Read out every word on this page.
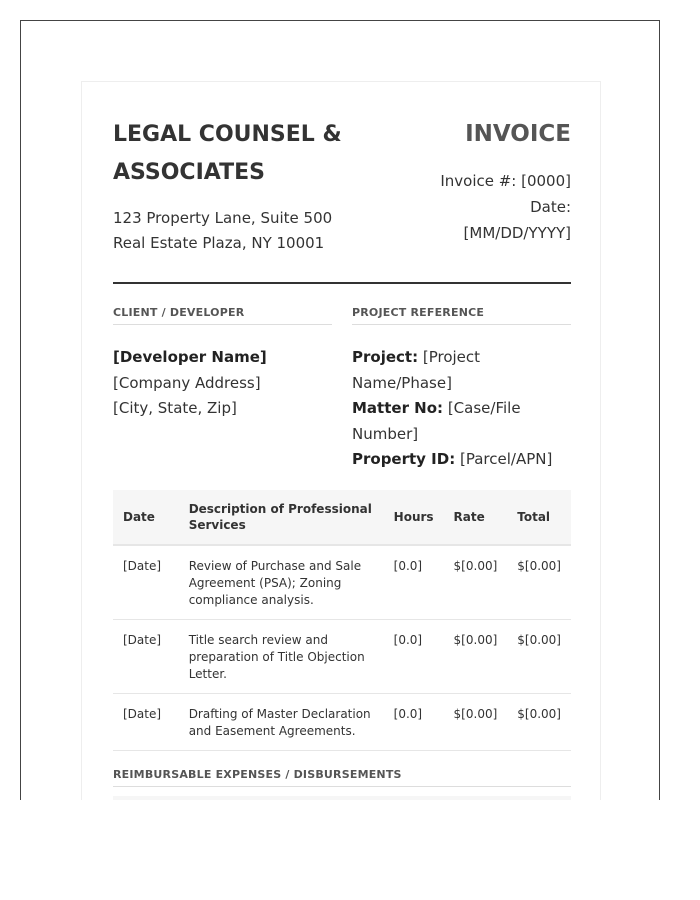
LEGAL COUNSEL & ASSOCIATES
123 Property Lane, Suite 500
Real Estate Plaza, NY 10001
INVOICE
Invoice #: [0000]
Date:
[MM/DD/YYYY]
CLIENT / DEVELOPER
[Developer Name]
[Company Address]
[City, State, Zip]
PROJECT REFERENCE
Project: [Project Name/Phase]
Matter No: [Case/File Number]
Property ID: [Parcel/APN]
Date	Description of Professional Services	Hours	Rate	Total
[Date]	Review of Purchase and Sale Agreement (PSA); Zoning compliance analysis.	[0.0]	$[0.00]	$[0.00]
[Date]	Title search review and preparation of Title Objection Letter.	[0.0]	$[0.00]	$[0.00]
[Date]	Drafting of Master Declaration and Easement Agreements.	[0.0]	$[0.00]	$[0.00]
REIMBURSABLE EXPENSES / DISBURSEMENTS
